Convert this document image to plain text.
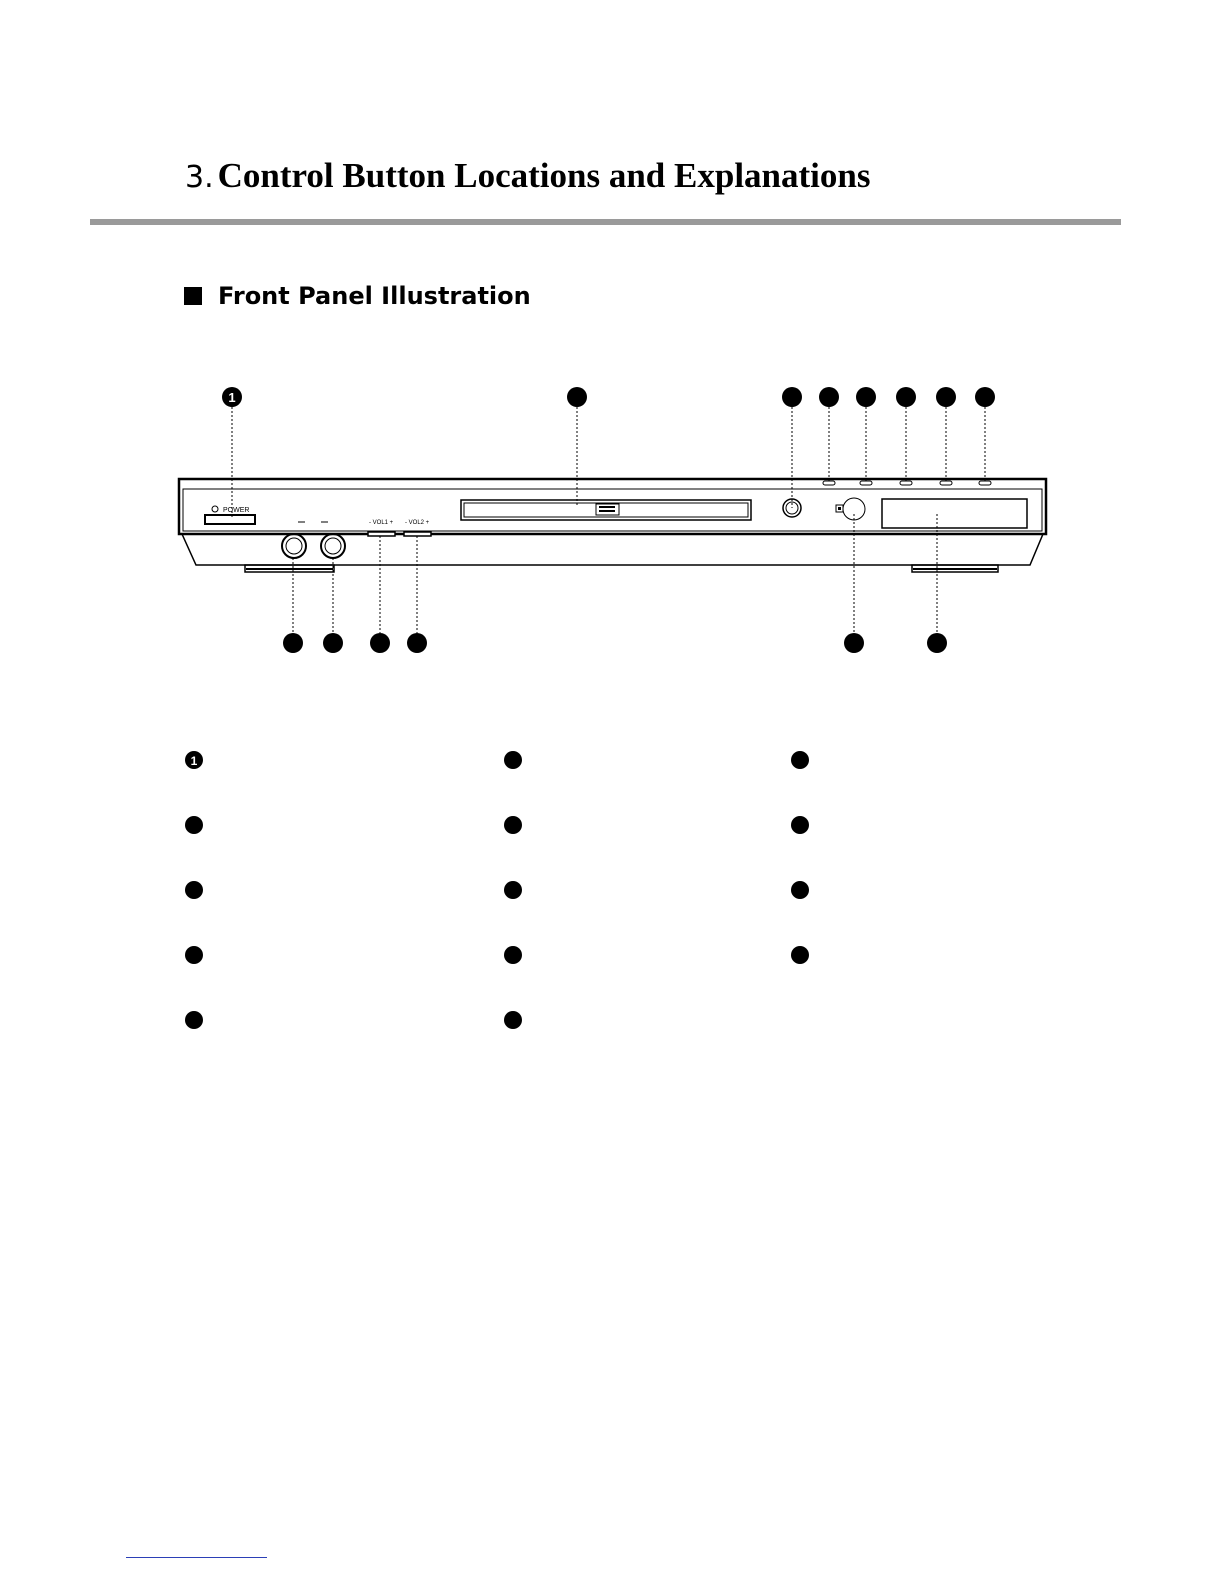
3. Control Button Locations and Explanations
Front Panel Illustration
1
POWER
- VOL1 + - VOL2 +
1
